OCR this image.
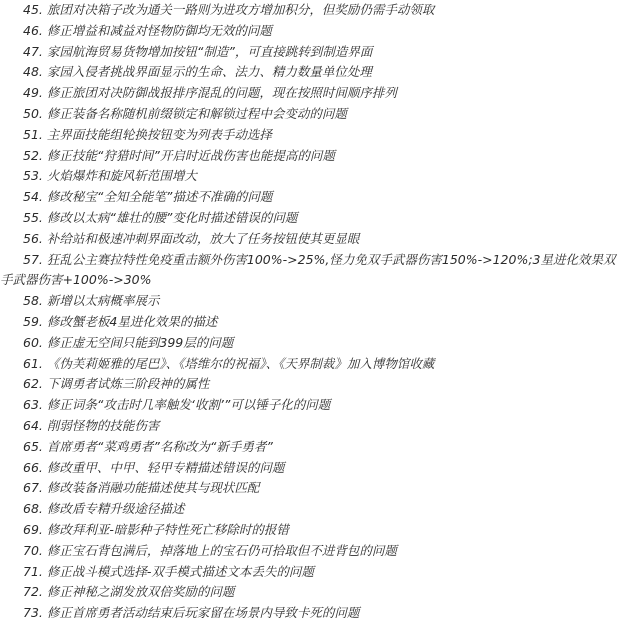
45. 旅团对决箱子改为通关一路则为进攻方增加积分，但奖励仍需手动领取
46. 修正增益和减益对怪物防御均无效的问题
47. 家园航海贸易货物增加按钮“制造”，可直接跳转到制造界面
48. 家园入侵者挑战界面显示的生命、法力、精力数量单位处理
49. 修正旅团对决防御战报排序混乱的问题，现在按照时间顺序排列
50. 修正装备名称随机前缀锁定和解锁过程中会变动的问题
51. 主界面技能组轮换按钮变为列表手动选择
52. 修正技能“狩猎时间”开启时近战伤害也能提高的问题
53. 火焰爆炸和旋风斩范围增大
54. 修改秘宝“全知全能笔”描述不准确的问题
55. 修改以太病“雄壮的腰”变化时描述错误的问题
56. 补给站和极速冲刺界面改动，放大了任务按钮使其更显眼
57. 狂乱公主赛拉特性免疫重击额外伤害100%->25%,怪力免双手武器伤害150%->120%;3星进化效果双手武器伤害+100%->30%
58. 新增以太病概率展示
59. 修改蟹老板4星进化效果的描述
60. 修正虚无空间只能到399层的问题
61. 《伪芙莉姬雅的尾巴》、《塔维尔的祝福》、《天界制裁》加入博物馆收藏
62. 下调勇者试炼三阶段神的属性
63. 修正词条“攻击时几率触发‘收割’”可以锤子化的问题
64. 削弱怪物的技能伤害
65. 首席勇者“菜鸡勇者”名称改为“新手勇者”
66. 修改重甲、中甲、轻甲专精描述错误的问题
67. 修改装备消融功能描述使其与现状匹配
68. 修改盾专精升级途径描述
69. 修改拜利亚-暗影种子特性死亡移除时的报错
70. 修正宝石背包满后，掉落地上的宝石仍可拾取但不进背包的问题
71. 修正战斗模式选择-双手模式描述文本丢失的问题
72. 修正神秘之湖发放双倍奖励的问题
73. 修正首席勇者活动结束后玩家留在场景内导致卡死的问题
